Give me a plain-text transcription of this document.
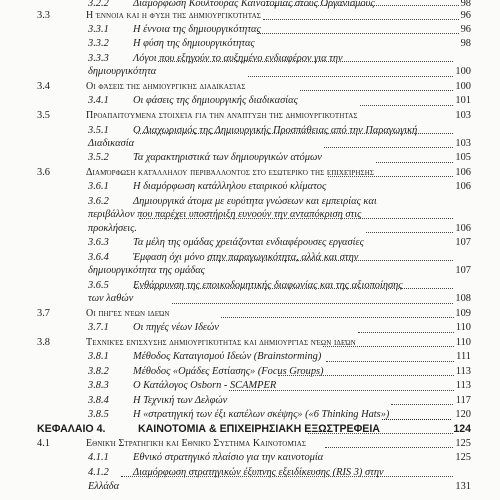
3.2.2 Διαμόρφωση Κουλτούρας Καινοτομίας στους Οργανισμούς	98
3.3	Η έννοια και η φύση της δημιουργικότητας	96
3.3.1 Η έννοια της δημιουργικότητας	96
3.3.2 Η φύση της δημιουργικότητας	98
3.3.3 Λόγοι που εξηγούν το αυξημένο ενδιαφέρον για την
δημιουργικότητα	100
3.4	Οι φάσεις της δημιουργικής διαδικασίας	100
3.4.1 Οι φάσεις της δημιουργικής διαδικασίας	101
3.5	Προαπαιτούμενα στοιχεία για την ανάπτυξη της δημιουργικότητας	103
3.5.1 Ο Διαχωρισμός της Δημιουργικής Προσπάθειας από την Παραγωγική
Διαδικασία	103
3.5.2 Τα χαρακτηριστικά των δημιουργικών ατόμων	105
3.6	Διαμόρφωση κατάλληλου περιβάλλοντος στο εσωτερικό της επιχείρησης	106
3.6.1 Η διαμόρφωση κατάλληλου εταιρικού κλίματος	106
3.6.2 Δημιουργικά άτομα με ευρύτητα γνώσεων και εμπειρίας και
περιβάλλον που παρέχει υποστήριξη ευνοούν την ανταπόκριση στις
προκλήσεις.	106
3.6.3 Τα μέλη της ομάδας χρειάζονται ενδιαφέρουσες εργασίες	107
3.6.4 Έμφαση όχι μόνο στην παραγωγικότητα, αλλά και στην
δημιουργικότητα της ομάδας	107
3.6.5 Ενθάρρυνση της εποικοδομητικής διαφωνίας και της αξιοποίησης
των λαθών	108
3.7	Οι πηγές νέων ιδεών	109
3.7.1 Οι πηγές νέων Ιδεών	110
3.8	Τεχνικές ενίσχυσης δημιουργικότητας και δημιουργίας νέων ιδεών	110
3.8.1 Μέθοδος Καταιγισμού Ιδεών (Brainstorming)	111
3.8.2 Μέθοδος «Ομάδες Εστίασης» (Focus Groups)	113
3.8.3 Ο Κατάλογος Osborn - SCAMPER	113
3.8.4 Η Τεχνική των Δελφών	117
3.8.5 Η «στρατηγική των έξι καπέλων σκέψης» («6 Thinking Hats»)	120
ΚΕΦΑΛΑΙΟ 4.	ΚΑΙΝΟΤΟΜΙΑ & ΕΠΙΧΕΙΡΗΣΙΑΚΗ ΕΞΩΣΤΡΕΦΕΙΑ	124
4.1	Εθνική Στρατηγική και Εθνικό Σύστημα Καινοτομίας	125
4.1.1 Εθνικό στρατηγικό πλαίσιο για την καινοτομία	125
4.1.2 Διαμόρφωση στρατηγικών έξυπνης εξειδίκευσης (RIS 3) στην
Ελλάδα	131
